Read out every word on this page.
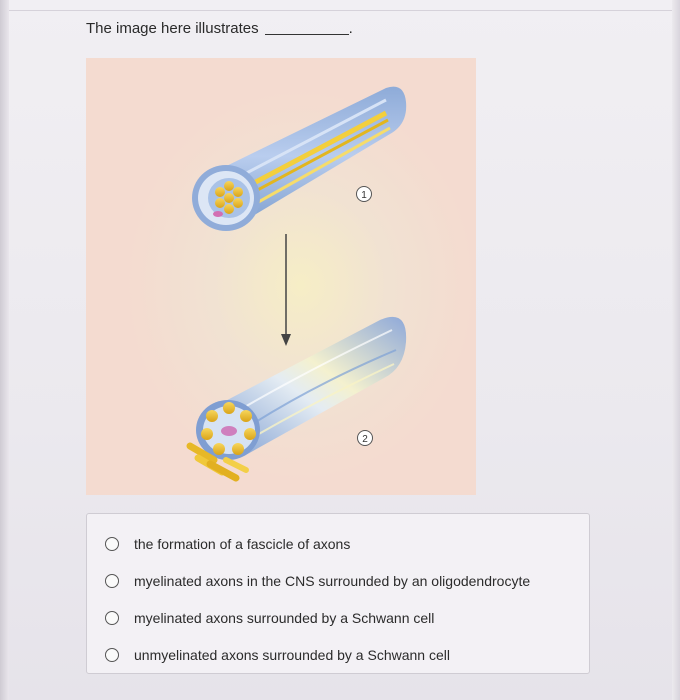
The image here illustrates	.
1
2
the formation of a fascicle of axons
myelinated axons in the CNS surrounded by an oligodendrocyte
myelinated axons surrounded by a Schwann cell
unmyelinated axons surrounded by a Schwann cell
